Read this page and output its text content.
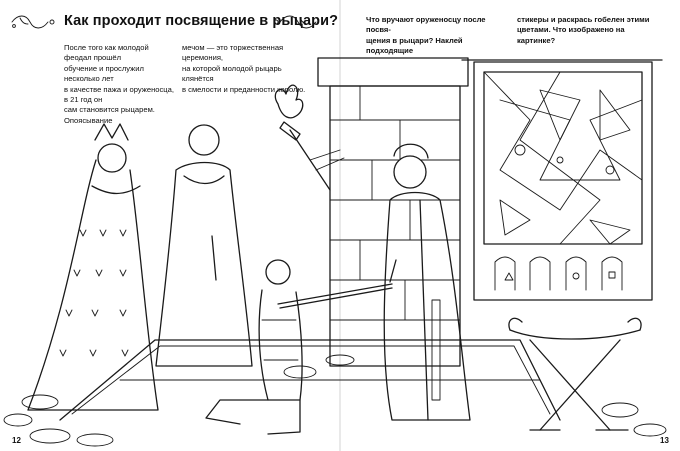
Как проходит посвящение в рыцари?
После того как молодой феодал прошёл
обучение и прослужил несколько лет
в качестве пажа и оруженосца, в 21 год он
сам становится рыцарем. Опоясывание
мечом — это торжественная церемония,
на которой молодой рыцарь клянётся
в смелости и преданности королю.
Что вручают оруженосцу после посвя-
щения в рыцари? Наклей подходящие
стикеры и раскрась гобелен этими
цветами. Что изображено на картинке?
12	13
